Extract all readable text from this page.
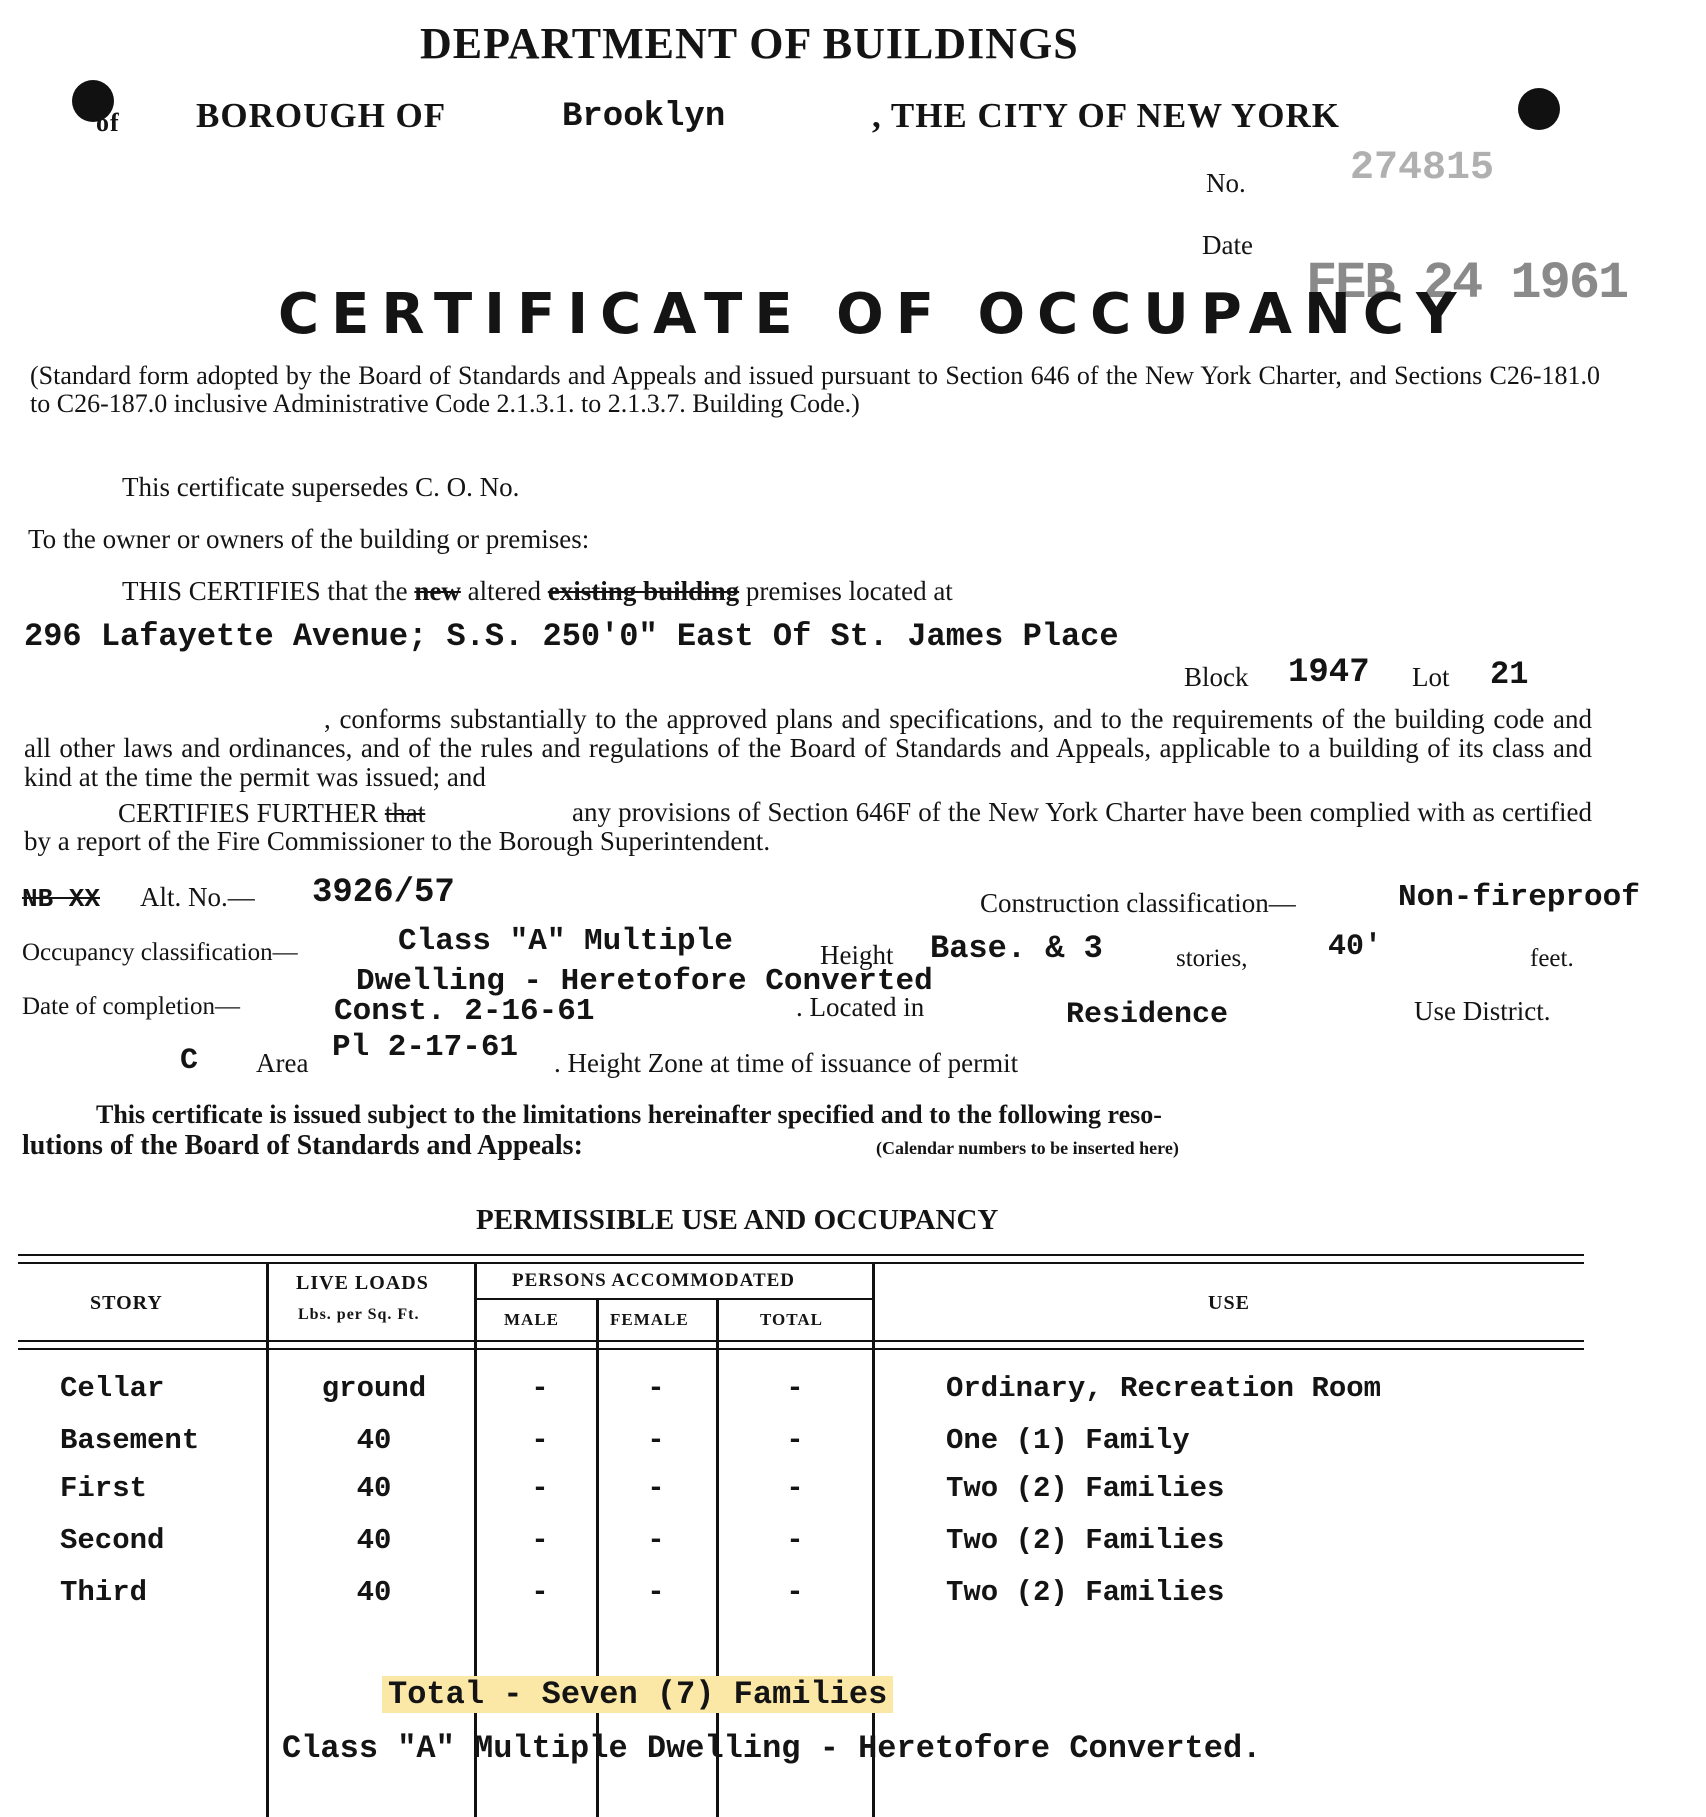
DEPARTMENT OF BUILDINGS
of BOROUGH OF	Brooklyn	, THE CITY OF NEW YORK
No.	274815
Date
FEB 24 1961
CERTIFICATE OF OCCUPANCY
(Standard form adopted by the Board of Standards and Appeals and issued pursuant to Section 646 of the New York Charter, and Sections C26-181.0 to C26-187.0 inclusive Administrative Code 2.1.3.1. to 2.1.3.7. Building Code.)
This certificate supersedes C. O. No.
To the owner or owners of the building or premises:
THIS CERTIFIES that the new altered existing building premises located at
296 Lafayette Avenue; S.S. 250'0" East Of St. James Place
Block 1947 Lot 21
, conforms substantially to the approved plans and specifications, and to the requirements of the building code and all other laws and ordinances, and of the rules and regulations of the Board of Standards and Appeals, applicable to a building of its class and kind at the time the permit was issued; and
CERTIFIES FURTHER that	any provisions of Section 646F of the New York Charter have been complied with as certified by a report of the Fire Commissioner to the Borough Superintendent.
NB XX Alt. No.— 3926/57	Construction classification—	Non-fireproof
Occupancy classification—	Class "A" Multiple	Height Base. & 3	stories,	40'	feet.
Dwelling - Heretofore Converted
Date of completion—	Const. 2-16-61	. Located in	Residence	Use District.
C Area Pl 2-17-61 . Height Zone at time of issuance of permit
This certificate is issued subject to the limitations hereinafter specified and to the following reso-
lutions of the Board of Standards and Appeals:	(Calendar numbers to be inserted here)
PERMISSIBLE USE AND OCCUPANCY
STORY
LIVE LOADS
Lbs. per Sq. Ft.
PERSONS ACCOMMODATED
MALE	FEMALE	TOTAL
USE
Cellar	ground	-	-	-	Ordinary, Recreation Room
Basement	40	-	-	-	One (1) Family
First	40	-	-	-	Two (2) Families
Second	40	-	-	-	Two (2) Families
Third	40	-	-	-	Two (2) Families
Total - Seven (7) Families
Class "A" Multiple Dwelling - Heretofore Converted.
